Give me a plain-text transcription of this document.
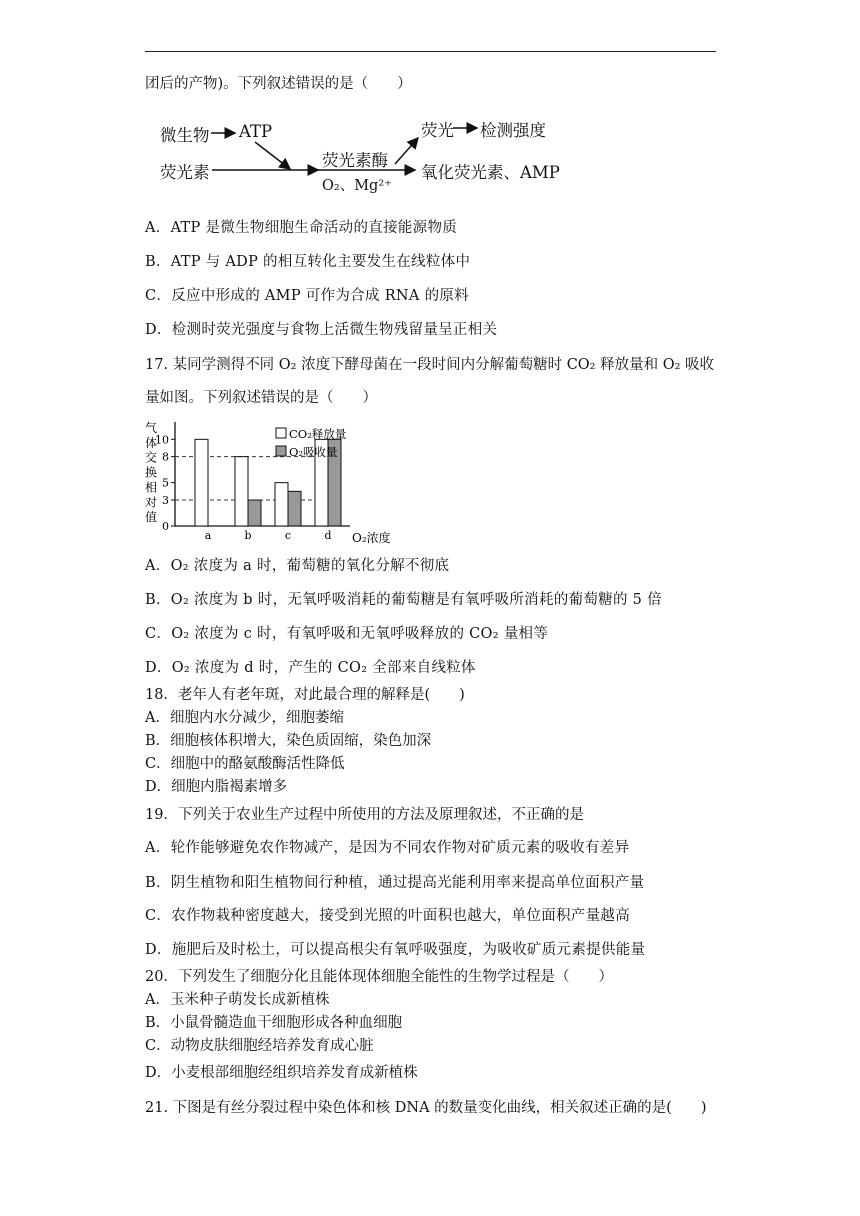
团后的产物)。下列叙述错误的是（　　）
微生物 ATP
荧光素
荧光素酶
O₂、Mg²⁺
荧光 检测强度
氧化荧光素、AMP
A．ATP 是微生物细胞生命活动的直接能源物质
B．ATP 与 ADP 的相互转化主要发生在线粒体中
C．反应中形成的 AMP 可作为合成 RNA 的原料
D．检测时荧光强度与食物上活微生物残留量呈正相关
17. 某同学测得不同 O₂ 浓度下酵母菌在一段时间内分解葡萄糖时 CO₂ 释放量和 O₂ 吸收
量如图。下列叙述错误的是（　　）
0
3
5
8
10
a	b	c	d O₂浓度
气
体
交
换
相
对
值
CO₂释放量
O₂吸收量
A．O₂ 浓度为 a 时，葡萄糖的氧化分解不彻底
B．O₂ 浓度为 b 时，无氧呼吸消耗的葡萄糖是有氧呼吸所消耗的葡萄糖的 5 倍
C．O₂ 浓度为 c 时，有氧呼吸和无氧呼吸释放的 CO₂ 量相等
D．O₂ 浓度为 d 时，产生的 CO₂ 全部来自线粒体
18．老年人有老年斑，对此最合理的解释是(　　)
A．细胞内水分减少，细胞萎缩
B．细胞核体积增大，染色质固缩，染色加深
C．细胞中的酪氨酸酶活性降低
D．细胞内脂褐素增多
19．下列关于农业生产过程中所使用的方法及原理叙述，不正确的是
A．轮作能够避免农作物减产，是因为不同农作物对矿质元素的吸收有差异
B．阴生植物和阳生植物间行种植，通过提高光能利用率来提高单位面积产量
C．农作物栽种密度越大，接受到光照的叶面积也越大，单位面积产量越高
D．施肥后及时松土，可以提高根尖有氧呼吸强度，为吸收矿质元素提供能量
20．下列发生了细胞分化且能体现体细胞全能性的生物学过程是（　　）
A．玉米种子萌发长成新植株
B．小鼠骨髓造血干细胞形成各种血细胞
C．动物皮肤细胞经培养发育成心脏
D．小麦根部细胞经组织培养发育成新植株
21. 下图是有丝分裂过程中染色体和核 DNA 的数量变化曲线，相关叙述正确的是(　　)
